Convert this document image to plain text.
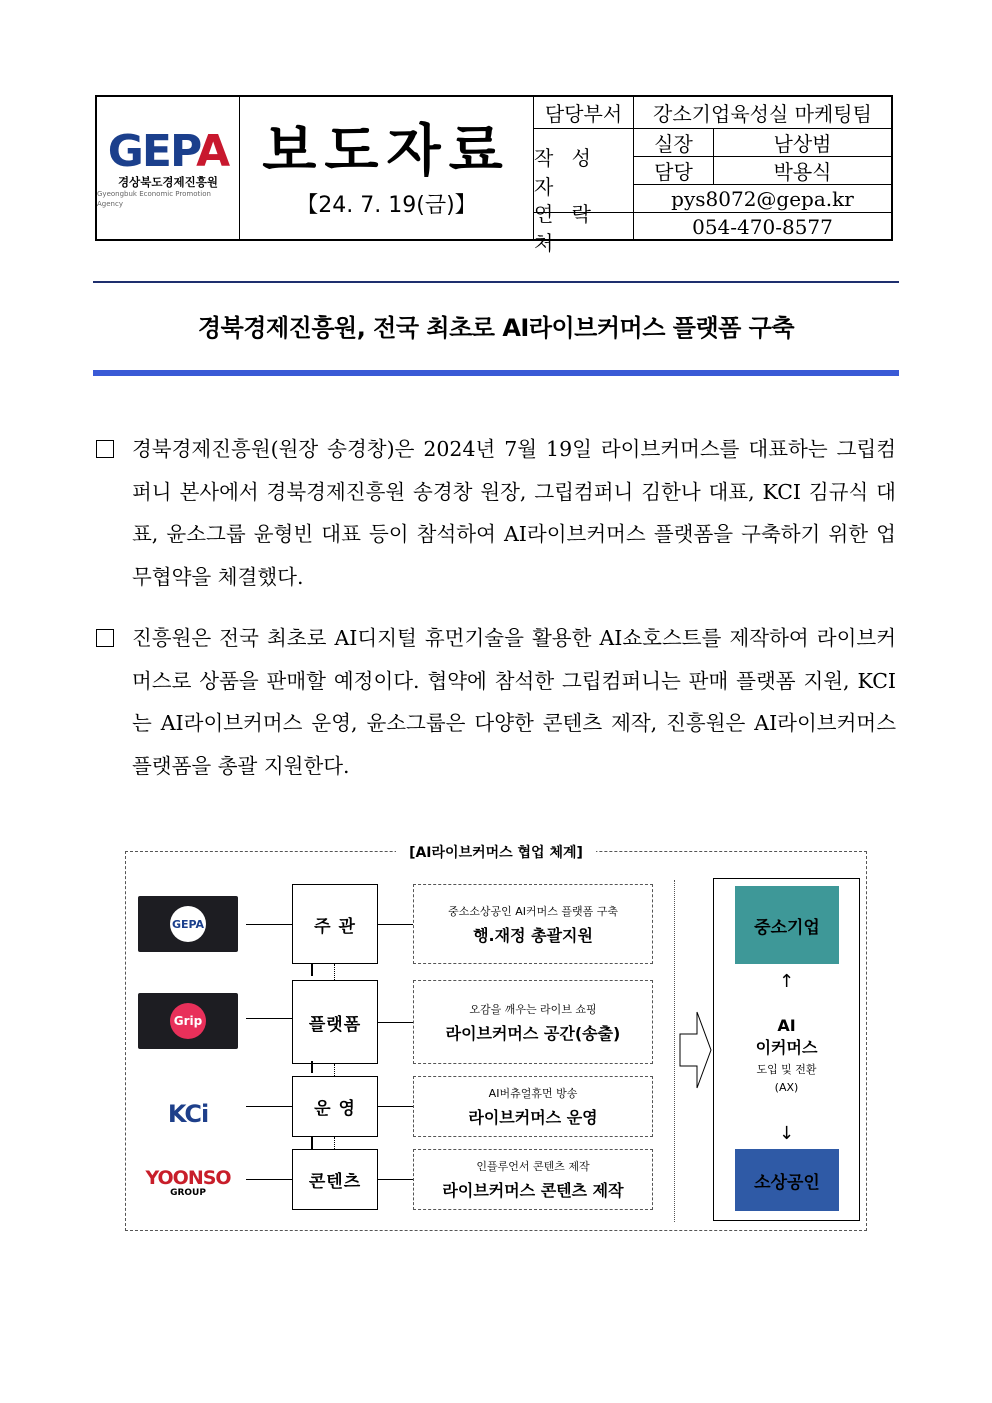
GEPA
경상북도경제진흥원
Gyeongbuk Economic Promotion Agency
보도자료
【24. 7. 19(금)】
담당부서	강소기업육성실 마케팅팀
작 성 자
실장	남상범
담당	박용식
pys8072@gepa.kr
연 락 처
054-470-8577
경북경제진흥원, 전국 최초로 AI라이브커머스 플랫폼 구축
경북경제진흥원(원장 송경창)은 2024년 7월 19일 라이브커머스를 대표하는 그립컴퍼니 본사에서 경북경제진흥원 송경창 원장, 그립컴퍼니 김한나 대표, KCI 김규식 대표, 윤소그룹 윤형빈 대표 등이 참석하여 AI라이브커머스 플랫폼을 구축하기 위한 업무협약을 체결했다.
진흥원은 전국 최초로 AI디지털 휴먼기술을 활용한 AI쇼호스트를 제작하여 라이브커머스로 상품을 판매할 예정이다. 협약에 참석한 그립컴퍼니는 판매 플랫폼 지원, KCI는 AI라이브커머스 운영, 윤소그룹은 다양한 콘텐츠 제작, 진흥원은 AI라이브커머스 플랫폼을 총괄 지원한다.
[AI라이브커머스 협업 체계]
GEPA
Grip
KCi
YOONSO
GROUP
주 관
플랫폼
운 영
콘텐츠
중소소상공인 AI커머스 플랫폼 구축
행.재정 총괄지원
오감을 깨우는 라이브 쇼핑
라이브커머스 공간(송출)
AI버츄얼휴먼 방송
라이브커머스 운영
인플루언서 콘텐츠 제작
라이브커머스 콘텐츠 제작
중소기업
↑
AI
이커머스
도입 및 전환
(AX)
↓
소상공인
